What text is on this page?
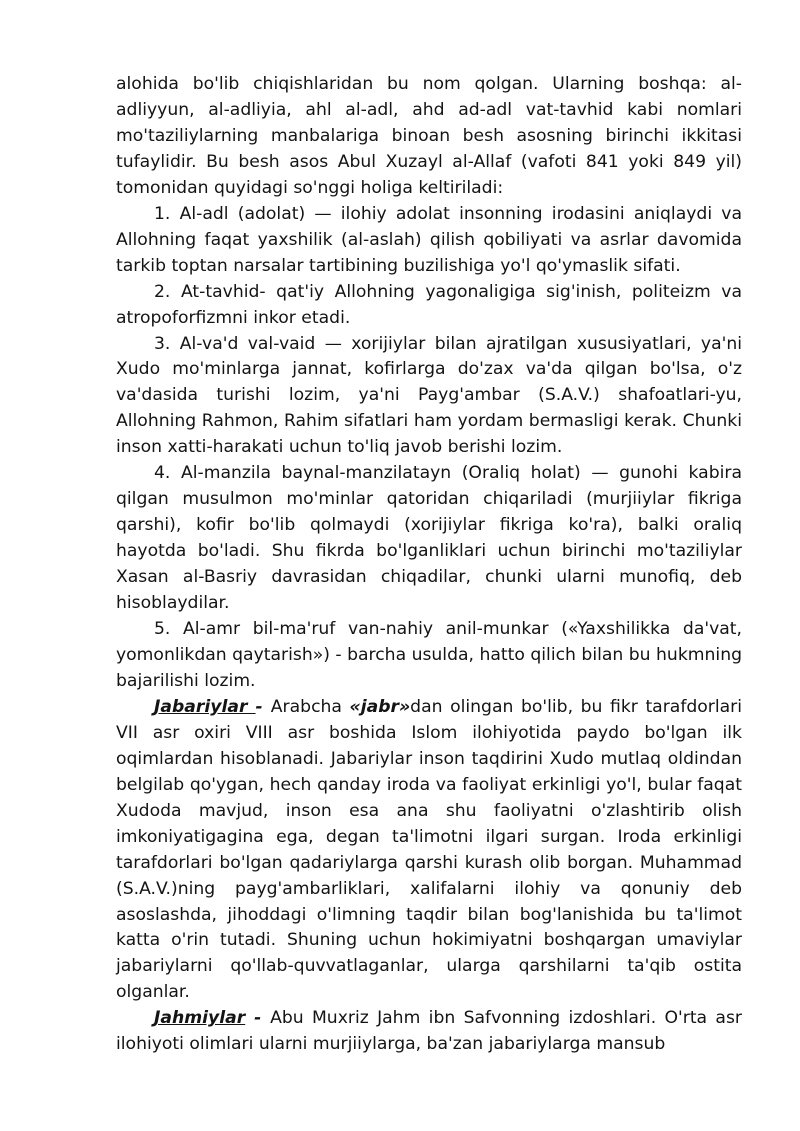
alohida bo'lib chiqishlaridan bu nom qolgan. Ularning boshqa: al-adliyyun, al-adliyia, ahl al-adl, ahd ad-adl vat-tavhid kabi nomlari mo'taziliylarning manbalariga binoan besh asosning birinchi ikkitasi tufaylidir. Bu besh asos Abul Xuzayl al-Allaf (vafoti 841 yoki 849 yil) tomonidan quyidagi so'nggi holiga keltiriladi:

1. Al-adl (adolat) — ilohiy adolat insonning irodasini aniqlaydi va Allohning faqat yaxshilik (al-aslah) qilish qobiliyati va asrlar davomida tarkib toptan narsalar tartibining buzilishiga yo'l qo'ymaslik sifati.

2. At-tavhid- qat'iy Allohning yagonaligiga sig'inish, politeizm va atropoforfizmni inkor etadi.

3. Al-va'd val-vaid — xorijiylar bilan ajratilgan xususiyatlari, ya'ni Xudo mo'minlarga jannat, kofirlarga do'zax va'da qilgan bo'lsa, o'z va'dasida turishi lozim, ya'ni Payg'ambar (S.A.V.) shafoatlari-yu, Allohning Rahmon, Rahim sifatlari ham yordam bermasligi kerak. Chunki inson xatti-harakati uchun to'liq javob berishi lozim.

4. Al-manzila baynal-manzilatayn (Oraliq holat) — gunohi kabira qilgan musulmon mo'minlar qatoridan chiqariladi (murjiiylar fikriga qarshi), kofir bo'lib qolmaydi (xorijiylar fikriga ko'ra), balki oraliq hayotda bo'ladi. Shu fikrda bo'lganliklari uchun birinchi mo'taziliylar Xasan al-Basriy davrasidan chiqadilar, chunki ularni munofiq, deb hisoblaydilar.

5. Al-amr bil-ma'ruf van-nahiy anil-munkar («Yaxshilikka da'vat, yomonlikdan qaytarish») - barcha usulda, hatto qilich bilan bu hukmning bajarilishi lozim.

Jabariylar - Arabcha «jabr»dan olingan bo'lib, bu fikr tarafdorlari VII asr oxiri VIII asr boshida Islom ilohiyotida paydo bo'lgan ilk oqimlardan hisoblanadi. Jabariylar inson taqdirini Xudo mutlaq oldindan belgilab qo'ygan, hech qanday iroda va faoliyat erkinligi yo'l, bular faqat Xudoda mavjud, inson esa ana shu faoliyatni o'zlashtirib olish imkoniyatigagina ega, degan ta'limotni ilgari surgan. Iroda erkinligi tarafdorlari bo'lgan qadariylarga qarshi kurash olib borgan. Muhammad (S.A.V.)ning payg'ambarliklari, xalifalarni ilohiy va qonuniy deb asoslashda, jihoddagi o'limning taqdir bilan bog'lanishida bu ta'limot katta o'rin tutadi. Shuning uchun hokimiyatni boshqargan umaviylar jabariylarni qo'llab-quvvatlaganlar, ularga qarshilarni ta'qib ostita olganlar.

Jahmiylar - Abu Muxriz Jahm ibn Safvonning izdoshlari. O'rta asr ilohiyoti olimlari ularni murjiiylarga, ba'zan jabariylarga mansub
